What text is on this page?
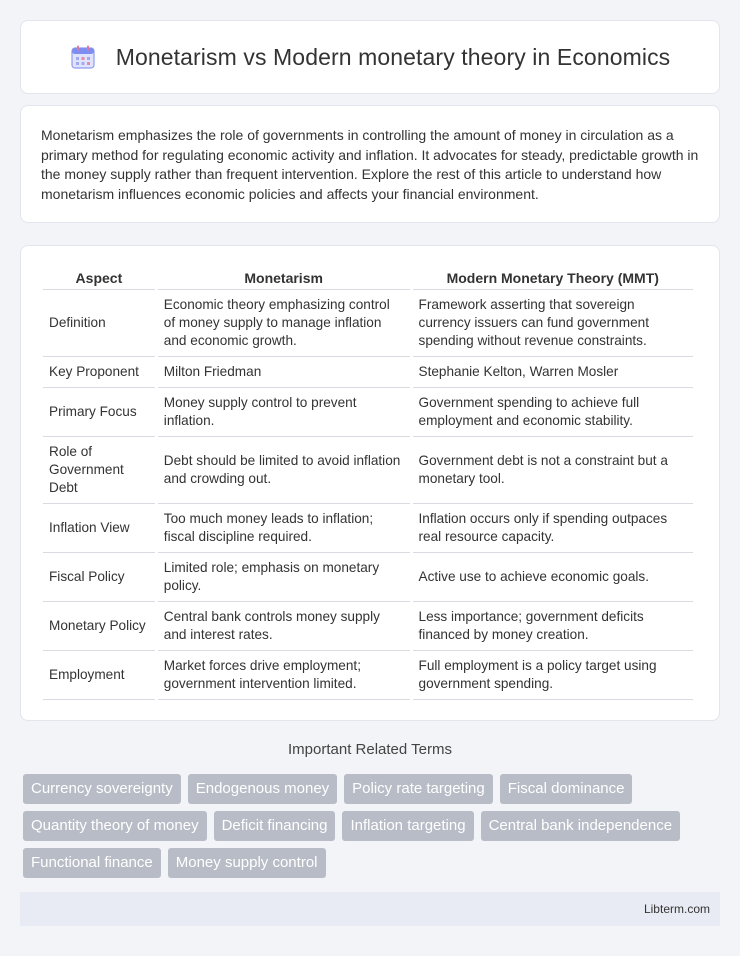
Monetarism vs Modern monetary theory in Economics

Monetarism emphasizes the role of governments in controlling the amount of money in circulation as a primary method for regulating economic activity and inflation. It advocates for steady, predictable growth in the money supply rather than frequent intervention. Explore the rest of this article to understand how monetarism influences economic policies and affects your financial environment.

Aspect	Monetarism	Modern Monetary Theory (MMT)
Definition	Economic theory emphasizing control of money supply to manage inflation and economic growth.	Framework asserting that sovereign currency issuers can fund government spending without revenue constraints.
Key Proponent	Milton Friedman	Stephanie Kelton, Warren Mosler
Primary Focus	Money supply control to prevent inflation.	Government spending to achieve full employment and economic stability.
Role of Government Debt	Debt should be limited to avoid inflation and crowding out.	Government debt is not a constraint but a monetary tool.
Inflation View	Too much money leads to inflation; fiscal discipline required.	Inflation occurs only if spending outpaces real resource capacity.
Fiscal Policy	Limited role; emphasis on monetary policy.	Active use to achieve economic goals.
Monetary Policy	Central bank controls money supply and interest rates.	Less importance; government deficits financed by money creation.
Employment	Market forces drive employment; government intervention limited.	Full employment is a policy target using government spending.
Important Related Terms
Currency sovereignty	Endogenous money	Policy rate targeting	Fiscal dominance
Quantity theory of money	Deficit financing	Inflation targeting	Central bank independence
Functional finance	Money supply control
Libterm.com
